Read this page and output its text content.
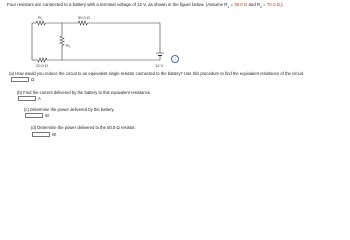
Four resistors are connected to a battery with a terminal voltage of 12 V, as shown in the figure below. (Assume $R_1 = 39.0$ Ω and $R_2 = 70.0$ Ω.)
R₁	50.0 Ω
R₂
20.0 Ω	12 V
i
(a) How would you reduce the circuit to an equivalent single resistor connected to the battery? Use this procedure to find the equivalent resistance of the circuit.
Ω
(b) Find the current delivered by the battery to this equivalent resistance.
A
(c) Determine the power delivered by the battery.
W
(d) Determine the power delivered to the 50.0-Ω resistor.
W
